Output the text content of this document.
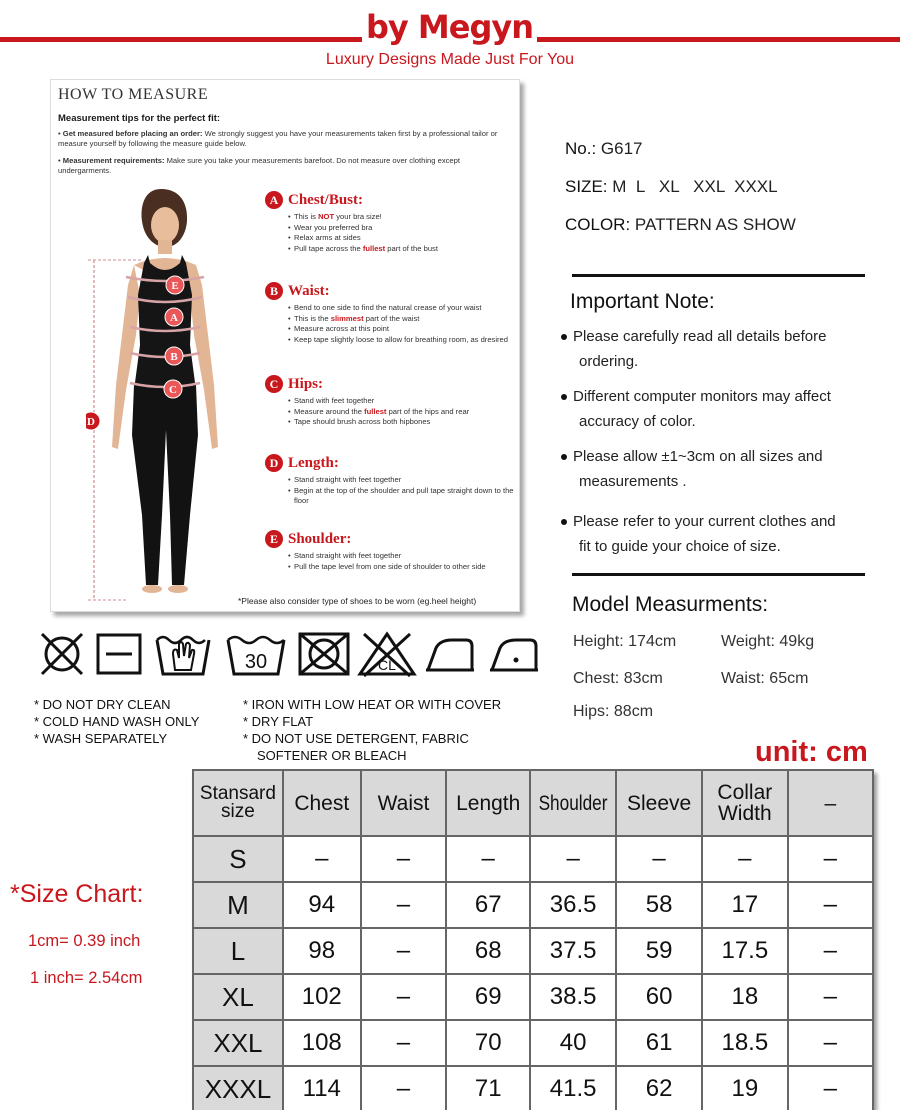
by Megyn
Luxury Designs Made Just For You
HOW TO MEASURE
Measurement tips for the perfect fit:
• Get measured before placing an order: We strongly suggest you have your measurements taken first by a professional tailor or measure yourself by following the measure guide below.
• Measurement requirements: Make sure you take your measurements barefoot. Do not measure over clothing except undergarments.
E
A
B
C
D
A Chest/Bust:
• This is NOT your bra size!
• Wear you preferred bra
• Relax arms at sides
• Pull tape across the fullest part of the bust
B Waist:
• Bend to one side to find the natural crease of your waist
• This is the slimmest part of the waist
• Measure across at this point
• Keep tape slightly loose to allow for breathing room, as dresired
C Hips:
• Stand with feet together
• Measure around the fullest part of the hips and rear
• Tape should brush across both hipbones
D Length:
• Stand straight with feet together
• Begin at the top of the shoulder and pull tape straight down to the floor
E Shoulder:
• Stand straight with feet together
• Pull the tape level from one side of shoulder to other side
*Please also consider type of shoes to be worn (eg.heel height)
No.: G617
SIZE: M  L   XL   XXL  XXXL
COLOR: PATTERN AS SHOW
Important Note:
Please carefully read all details before
ordering.
Different computer monitors may affect
accuracy of color.
Please allow ±1~3cm on all sizes and
measurements .
Please refer to your current clothes and
fit to guide your choice of size.
Model Measurments:
Height: 174cm	Weight: 49kg
Chest: 83cm	Waist: 65cm
Hips: 88cm
30	CL
* DO NOT DRY CLEAN
* COLD HAND WASH ONLY
* WASH SEPARATELY
* IRON WITH LOW HEAT OR WITH COVER
* DRY FLAT
* DO NOT USE DETERGENT, FABRIC
SOFTENER OR BLEACH	unit: cm
*Size Chart:
1cm= 0.39 inch
1 inch= 2.54cm
Stansard size	Chest	Waist	Length	Shoulder	Sleeve	Collar Width	–
S	–	–	–	–	–	–	–
M	94	–	67	36.5	58	17	–
L	98	–	68	37.5	59	17.5	–
XL	102	–	69	38.5	60	18	–
XXL	108	–	70	40	61	18.5	–
XXXL	114	–	71	41.5	62	19	–
